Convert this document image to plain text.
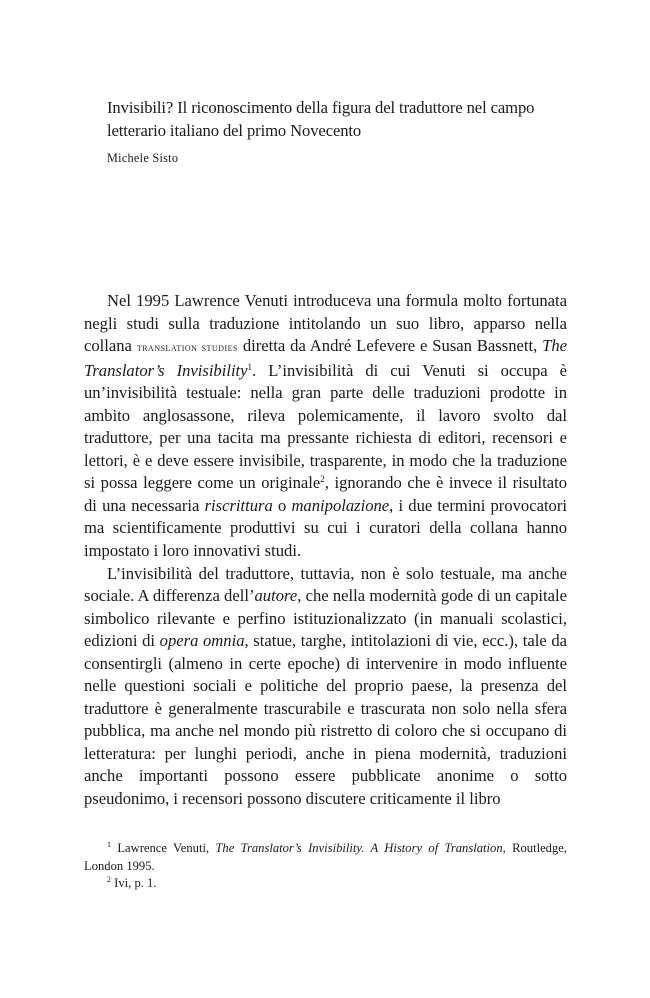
Invisibili? Il riconoscimento della figura del traduttore nel campo letterario italiano del primo Novecento
Michele Sisto

Nel 1995 Lawrence Venuti introduceva una formula molto fortunata negli studi sulla traduzione intitolando un suo libro, apparso nella collana translation studies diretta da André Lefevere e Susan Bassnett, The Translator’s Invisibility$^1$. L’invisibilità di cui Venuti si occupa è un’invisibilità testuale: nella gran parte delle traduzioni prodotte in ambito anglosassone, rileva polemicamente, il lavoro svolto dal traduttore, per una tacita ma pressante richiesta di editori, recensori e lettori, è e deve essere invisibile, trasparente, in modo che la traduzione si possa leggere come un originale$^2$, ignorando che è invece il risultato di una necessaria riscrittura o manipolazione, i due termini provocatori ma scientificamente produttivi su cui i curatori della collana hanno impostato i loro innovativi studi.

L’invisibilità del traduttore, tuttavia, non è solo testuale, ma anche sociale. A differenza dell’autore, che nella modernità gode di un capitale simbolico rilevante e perfino istituzionalizzato (in manuali scolastici, edizioni di opera omnia, statue, targhe, intitolazioni di vie, ecc.), tale da consentirgli (almeno in certe epoche) di intervenire in modo influente nelle questioni sociali e politiche del proprio paese, la presenza del traduttore è generalmente trascurabile e trascurata non solo nella sfera pubblica, ma anche nel mondo più ristretto di coloro che si occupano di letteratura: per lunghi periodi, anche in piena modernità, traduzioni anche importanti possono essere pubblicate anonime o sotto pseudonimo, i recensori possono discutere criticamente il libro

$^1$ Lawrence Venuti, The Translator’s Invisibility. A History of Translation, Routledge, London 1995.

$^2$ Ivi, p. 1.
